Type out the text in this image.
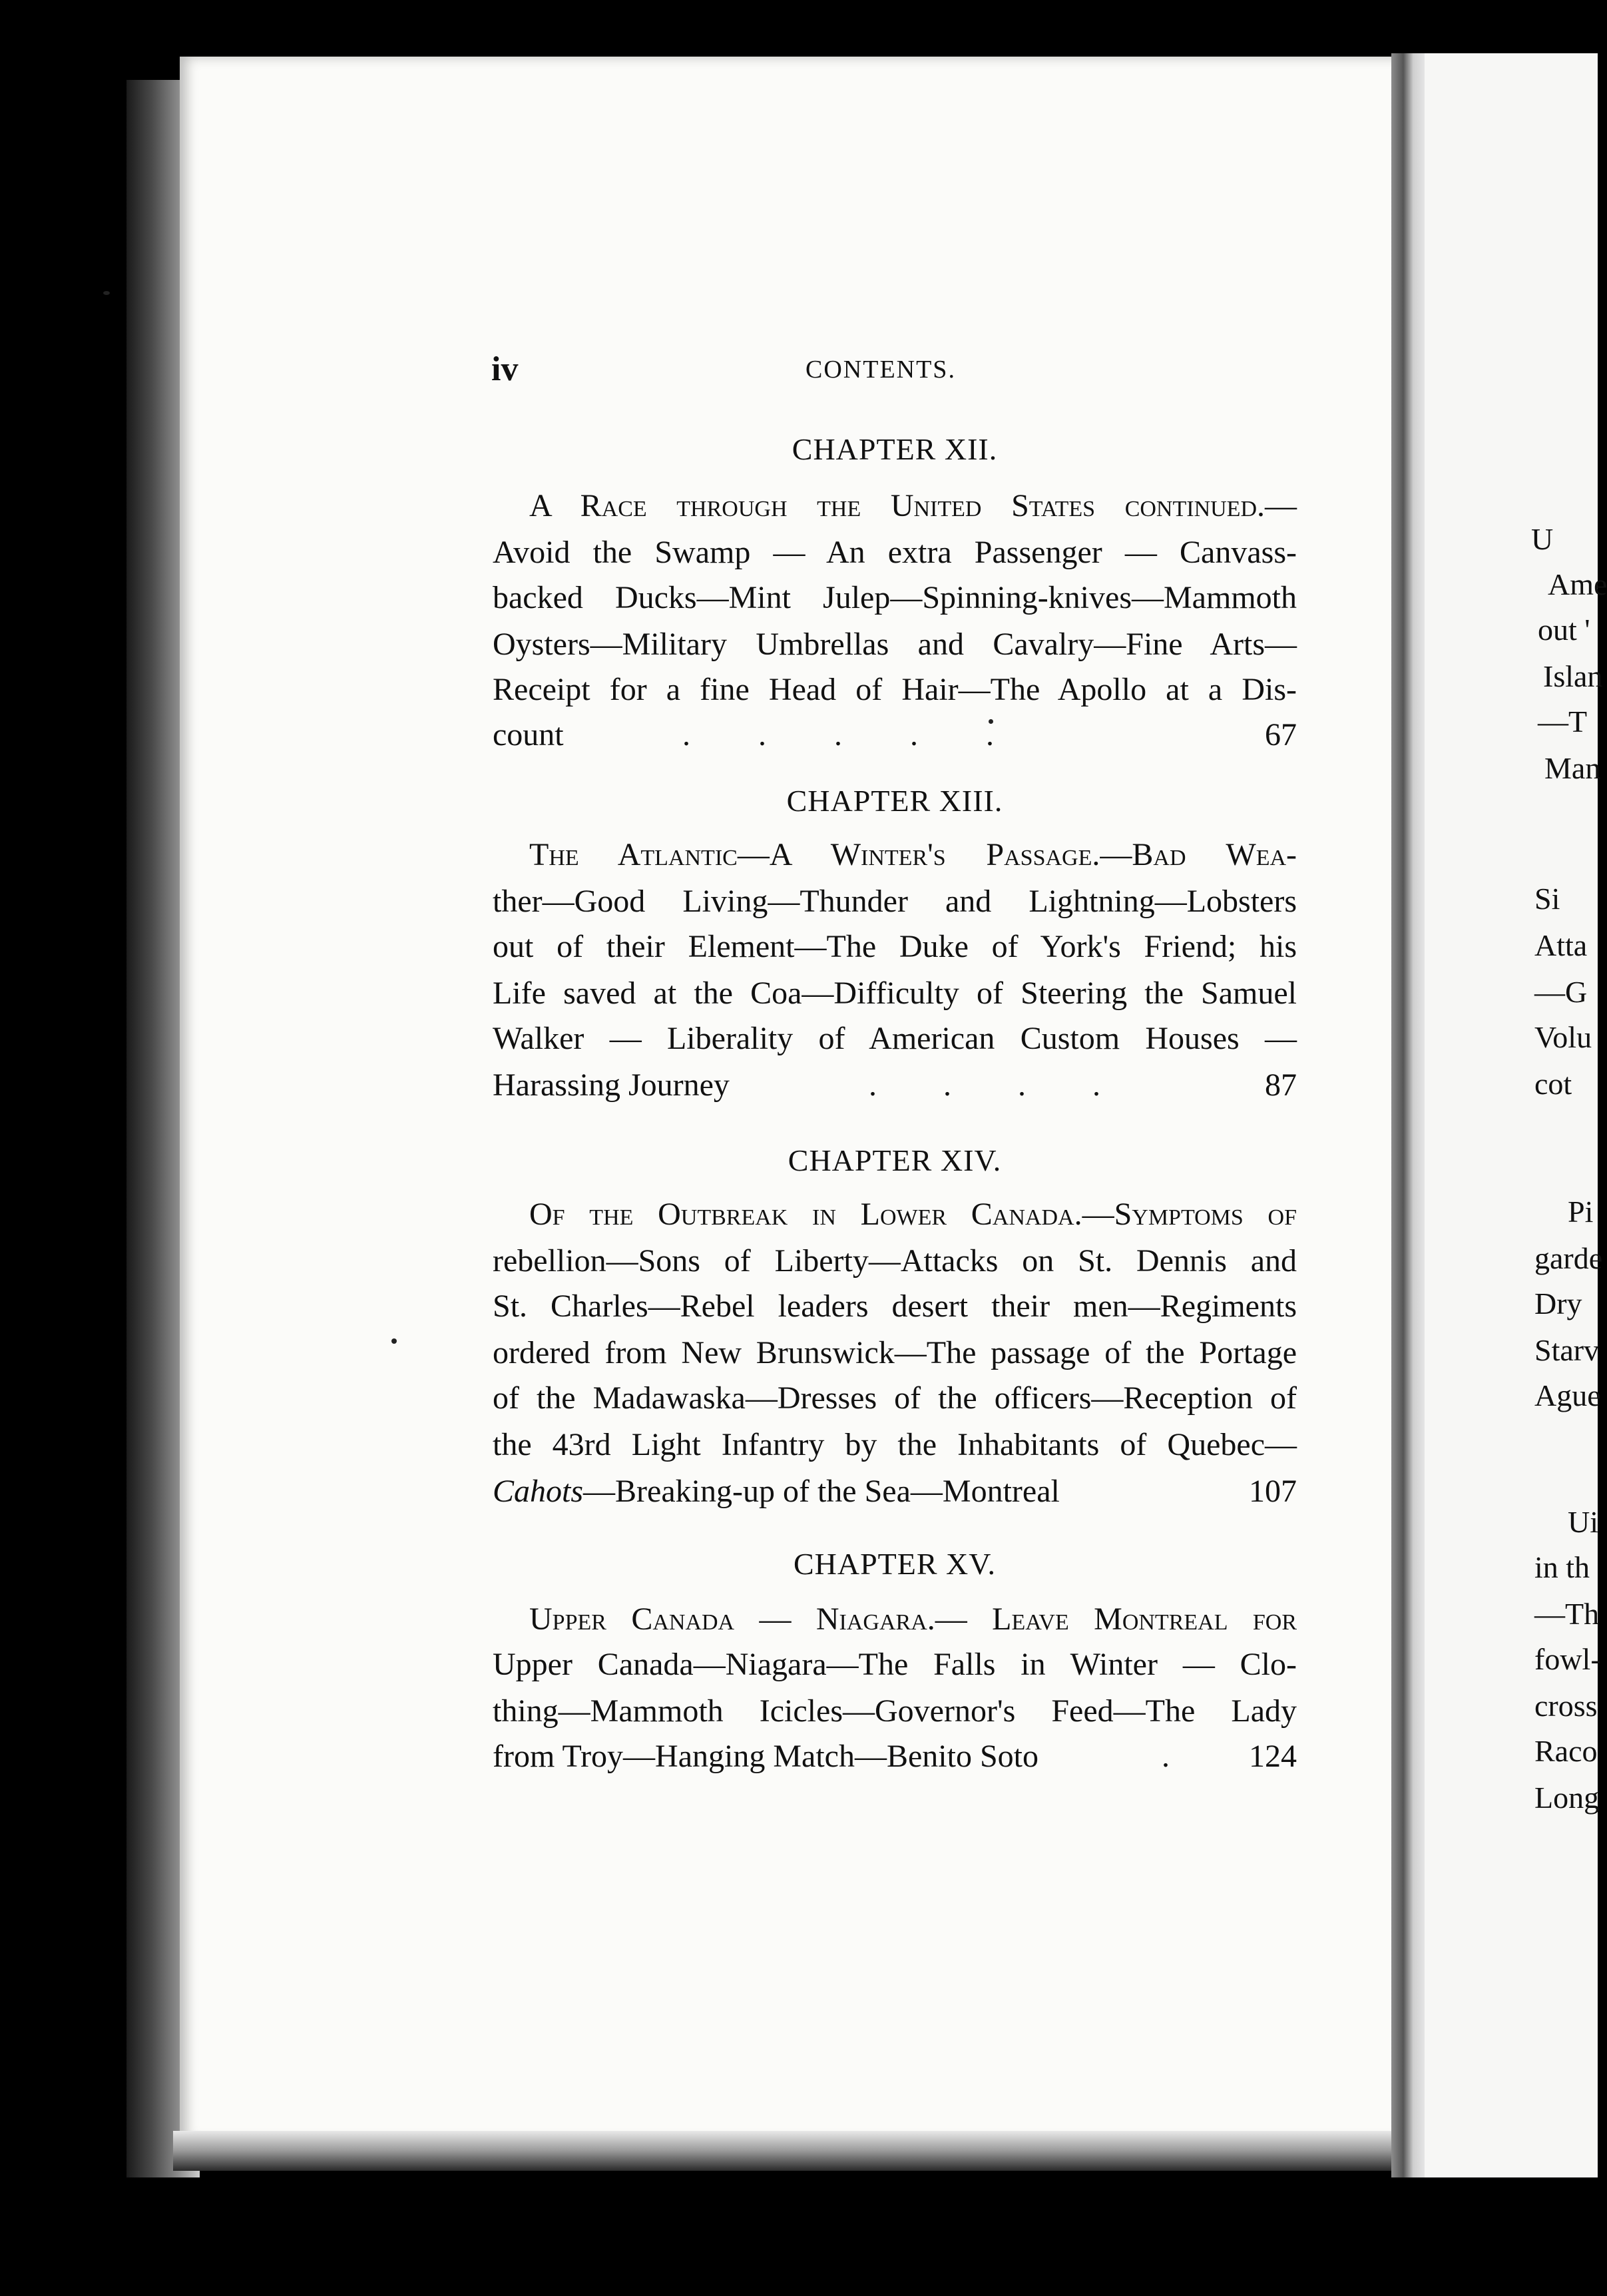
iv	CONTENTS.
CHAPTER XII.
A Race through the United States continued.—
Avoid the Swamp — An extra Passenger — Canvass-
backed Ducks—Mint Julep—Spinning-knives—Mammoth
Oysters—Military Umbrellas and Cavalry—Fine Arts—
Receipt for a fine Head of Hair—The Apollo at a Dis-
count	. . . . .	67
CHAPTER XIII.
The Atlantic—A Winter's Passage.—Bad Wea-
ther—Good Living—Thunder and Lightning—Lobsters
out of their Element—The Duke of York's Friend; his
Life saved at the Coa—Difficulty of Steering the Samuel
Walker — Liberality of American Custom Houses —
Harassing Journey	. . . .	87
CHAPTER XIV.
Of the Outbreak in Lower Canada.—Symptoms of
rebellion—Sons of Liberty—Attacks on St. Dennis and
St. Charles—Rebel leaders desert their men—Regiments
ordered from New Brunswick—The passage of the Portage
of the Madawaska—Dresses of the officers—Reception of
the 43rd Light Infantry by the Inhabitants of Quebec—
Cahots—Breaking-up of the Sea—Montreal	107
CHAPTER XV.
Upper Canada — Niagara.— Leave Montreal for
Upper Canada—Niagara—The Falls in Winter — Clo-
thing—Mammoth Icicles—Governor's Feed—The Lady
from Troy—Hanging Match—Benito Soto	. 124
U
Ame
out '
Islan
—T
Man
Si
Atta
—G
Volu
cot
Pi
garde
Dry
Starv
Ague
Ui
in th
—Th
fowl-
cross
Raco
Long
